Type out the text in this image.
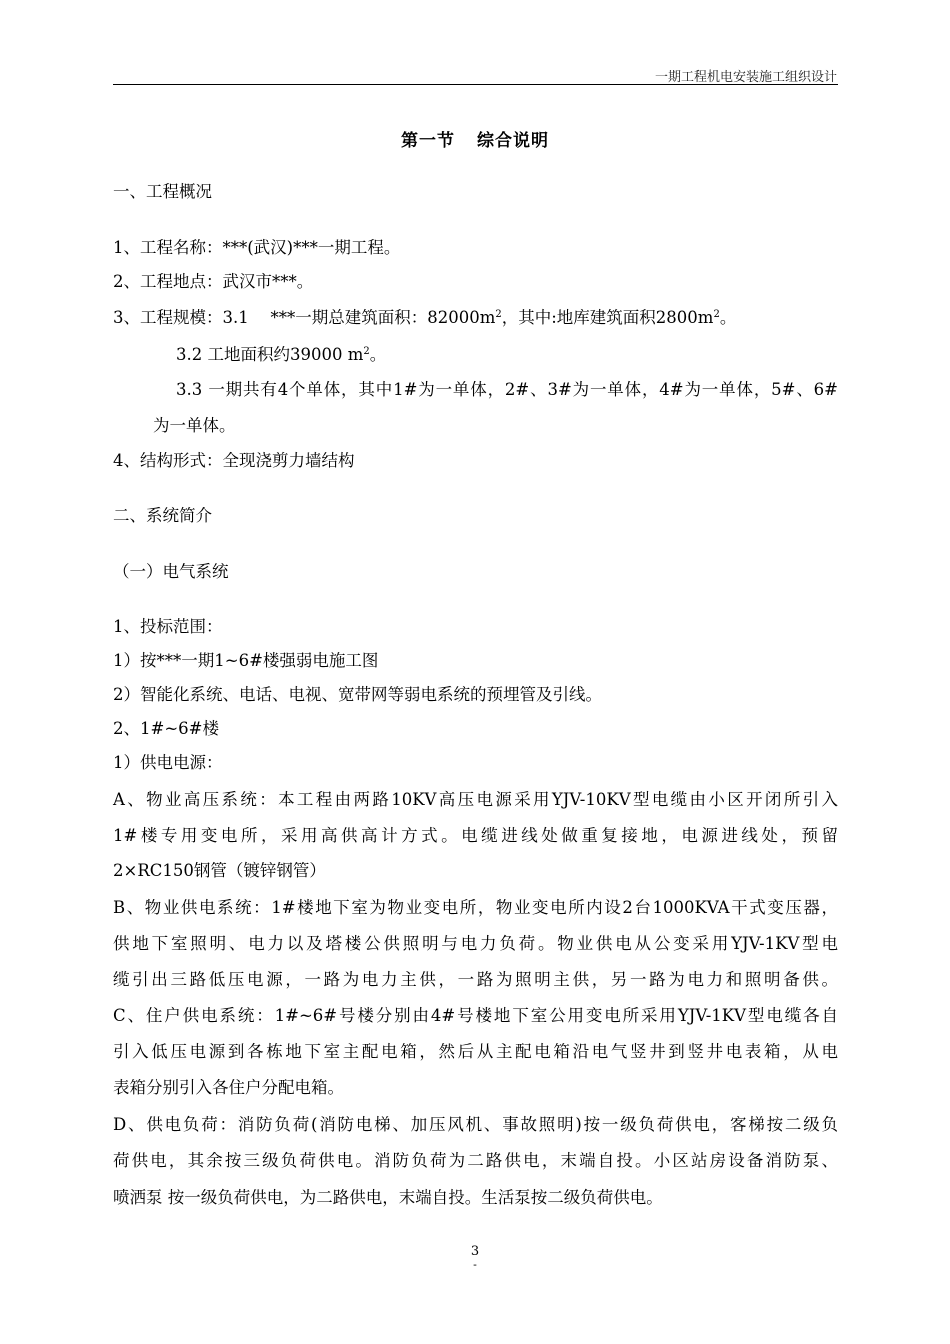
一期工程机电安装施工组织设计
第一节 综合说明
一、工程概况
1、工程名称：***(武汉)***一期工程。
2、工程地点：武汉市***。
3、工程规模：3.1　 ***一期总建筑面积：$82000m^2$，其中:地库建筑面积$2800m^2$。
3.2 工地面积约39000 $m^2$。
3.3 一期共有4个单体，其中1#为一单体，2#、3#为一单体，4#为一单体，5#、6#
为一单体。
4、结构形式：全现浇剪力墙结构
二、系统简介
（一）电气系统
1、投标范围：
1）按***一期1~6#楼强弱电施工图
2）智能化系统、电话、电视、宽带网等弱电系统的预埋管及引线。
2、1#~6#楼
1）供电电源：
A、物业高压系统：本工程由两路10KV高压电源采用YJV-10KV型电缆由小区开闭所引入
1#楼专用变电所，采用高供高计方式。电缆进线处做重复接地，电源进线处，预留
2×RC150钢管（镀锌钢管）
B、物业供电系统：1#楼地下室为物业变电所，物业变电所内设2台1000KVA干式变压器，
供地下室照明、电力以及塔楼公供照明与电力负荷。物业供电从公变采用YJV-1KV型电
缆引出三路低压电源，一路为电力主供，一路为照明主供，另一路为电力和照明备供。
C、住户供电系统：1#~6#号楼分别由4#号楼地下室公用变电所采用YJV-1KV型电缆各自
引入低压电源到各栋地下室主配电箱，然后从主配电箱沿电气竖井到竖井电表箱，从电
表箱分别引入各住户分配电箱。
D、供电负荷：消防负荷(消防电梯、加压风机、事故照明)按一级负荷供电，客梯按二级负
荷供电，其余按三级负荷供电。消防负荷为二路供电，末端自投。小区站房设备消防泵、
喷洒泵 按一级负荷供电，为二路供电，末端自投。生活泵按二级负荷供电。
3
-
